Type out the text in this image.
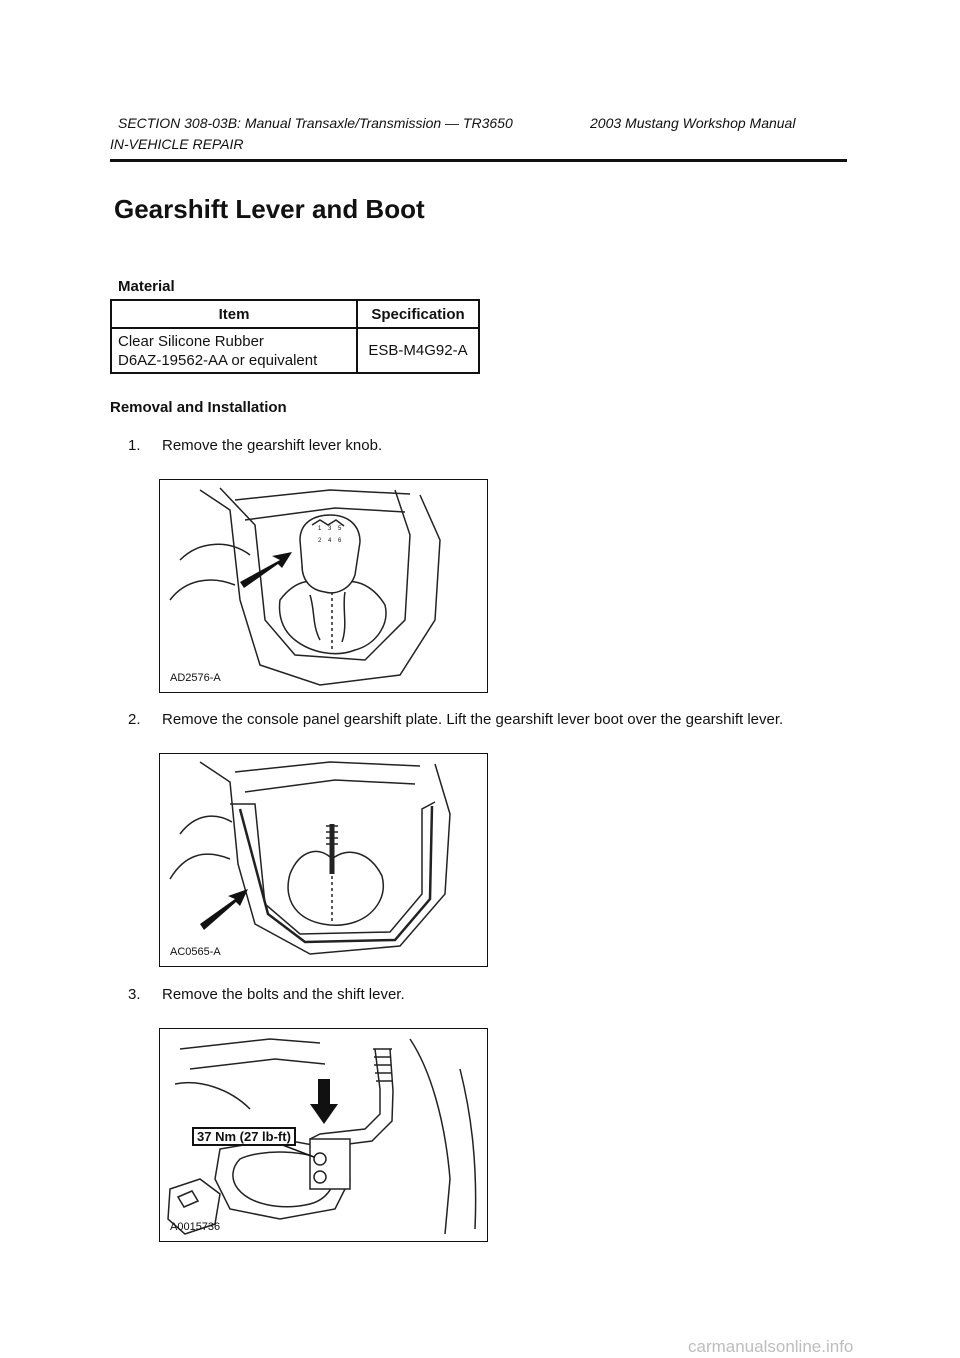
SECTION 308-03B: Manual Transaxle/Transmission — TR3650	2003 Mustang Workshop Manual
IN-VEHICLE REPAIR
Gearshift Lever and Boot
Material
Item	Specification
Clear Silicone Rubber
D6AZ-19562-AA or equivalent	ESB-M4G92-A
Removal and Installation
1. Remove the gearshift lever knob.
1 3 5
2 4 6
AD2576-A
2. Remove the console panel gearshift plate. Lift the gearshift lever boot over the gearshift lever.
AC0565-A
3. Remove the bolts and the shift lever.
37 Nm (27 lb-ft)
A0015736
carmanualsonline.info
